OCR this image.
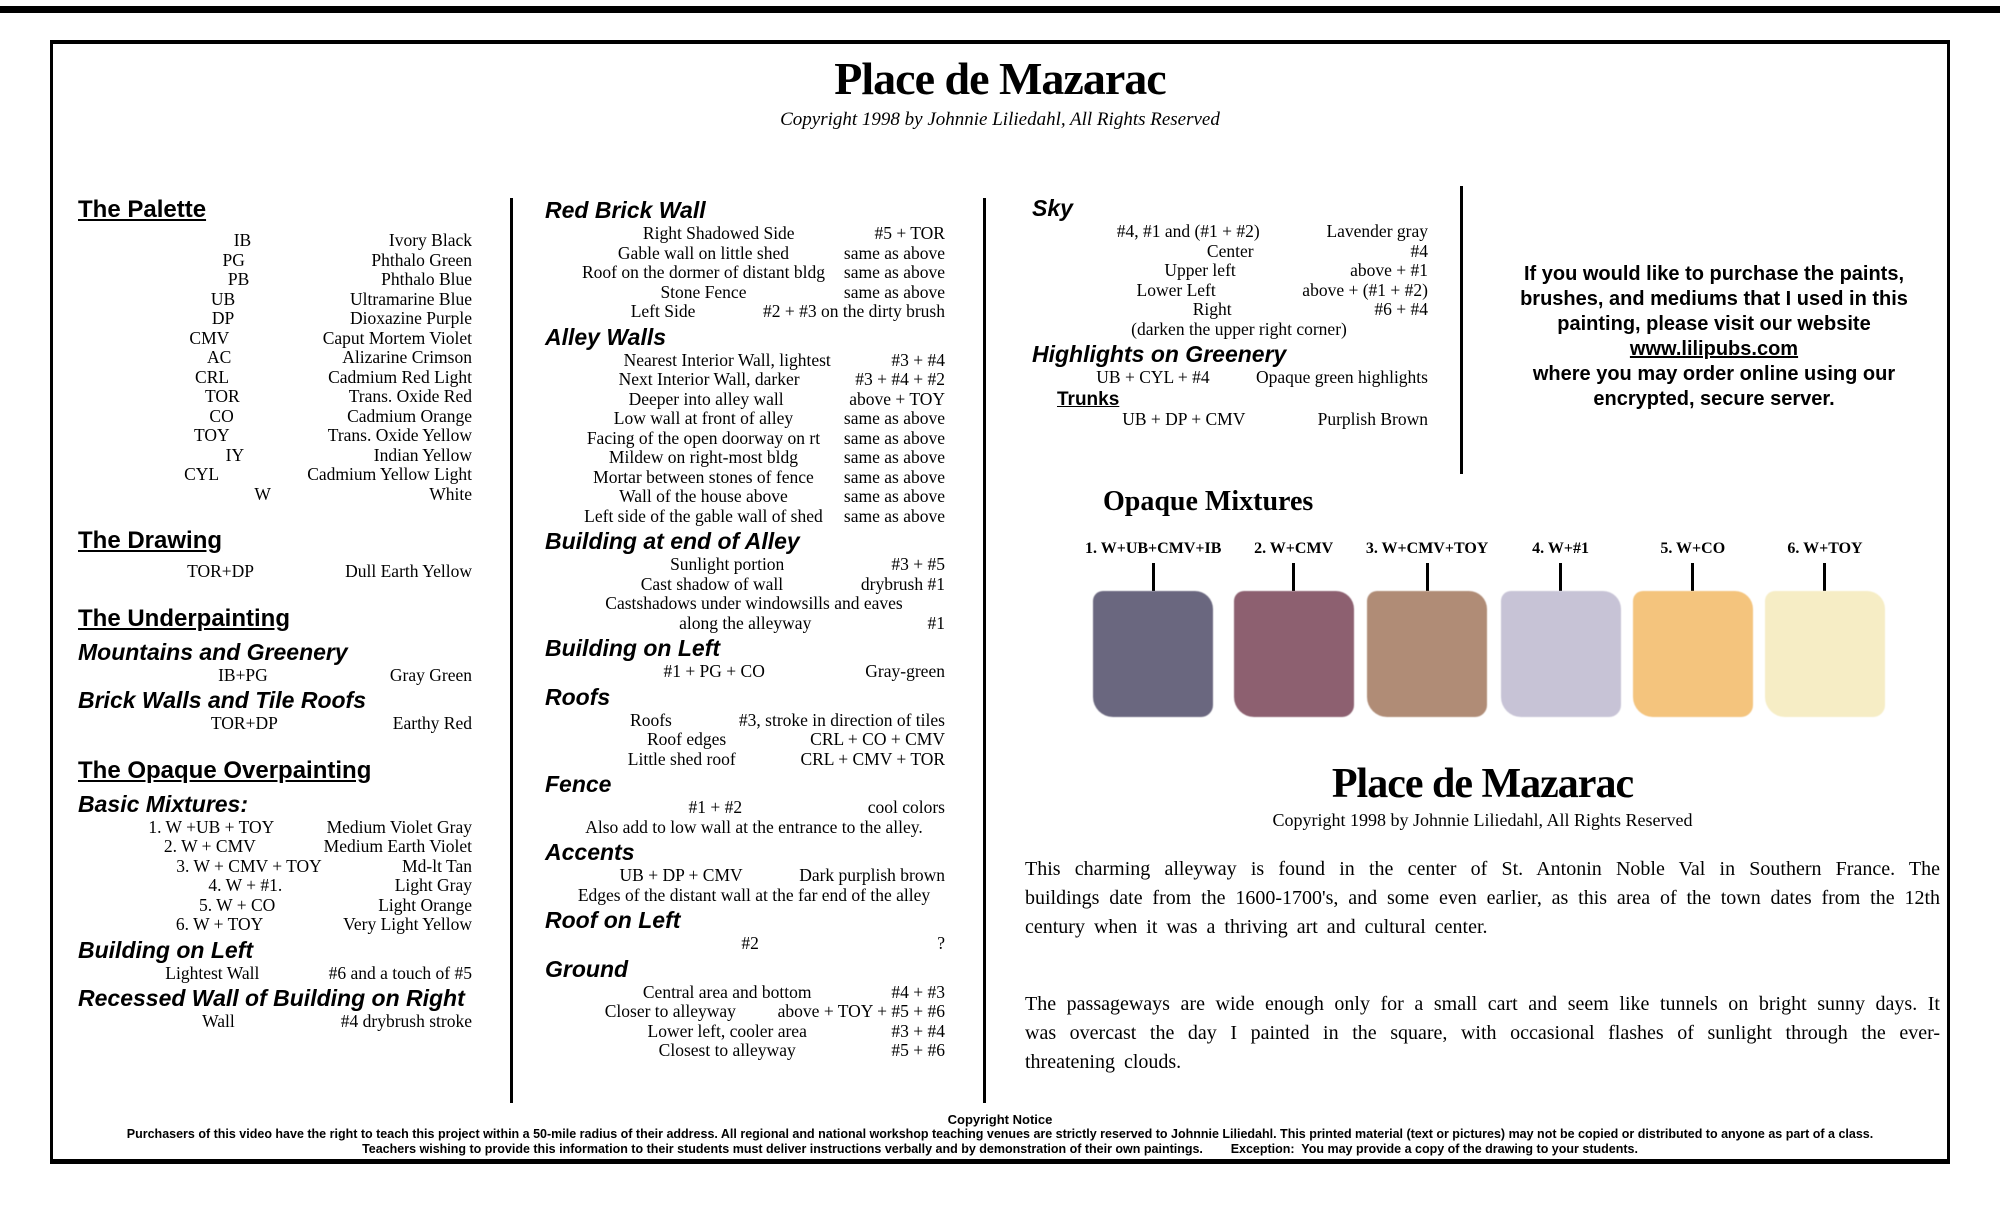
Place de Mazarac
Copyright 1998 by Johnnie Liliedahl, All Rights Reserved
The Palette
IB	Ivory Black
PG	Phthalo Green
PB	Phthalo Blue
UB	Ultramarine Blue
DP	Dioxazine Purple
CMV	Caput Mortem Violet
AC	Alizarine Crimson
CRL	Cadmium Red Light
TOR	Trans. Oxide Red
CO	Cadmium Orange
TOY	Trans. Oxide Yellow
IY	Indian Yellow
CYL	Cadmium Yellow Light
W	White
The Drawing
TOR+DP	Dull Earth Yellow
The Underpainting
Mountains and Greenery
IB+PG	Gray Green
Brick Walls and Tile Roofs
TOR+DP	Earthy Red
The Opaque Overpainting
Basic Mixtures:
1. W +UB + TOY	Medium Violet Gray
2. W + CMV	Medium Earth Violet
3. W + CMV + TOY	Md-lt Tan
4. W + #1.	Light Gray
5. W + CO	Light Orange
6. W + TOY	Very Light Yellow
Building on Left
Lightest Wall	#6 and a touch of #5
Recessed Wall of Building on Right
Wall	#4 drybrush stroke
Red Brick Wall
Right Shadowed Side	#5 + TOR
Gable wall on little shed	same as above
Roof on the dormer of distant bldg	same as above
Stone Fence	same as above
Left Side	#2 + #3 on the dirty brush
Alley Walls
Nearest Interior Wall, lightest	#3 + #4
Next Interior Wall, darker	#3 + #4 + #2
Deeper into alley wall	above + TOY
Low wall at front of alley	same as above
Facing of the open doorway on rt	same as above
Mildew on right-most bldg	same as above
Mortar between stones of fence	same as above
Wall of the house above	same as above
Left side of the gable wall of shed	same as above
Building at end of Alley
Sunlight portion	#3 + #5
Cast shadow of wall	drybrush #1
Castshadows under windowsills and eaves
along the alleyway	#1
Building on Left
#1 + PG + CO	Gray-green
Roofs
Roofs	#3, stroke in direction of tiles
Roof edges	CRL + CO + CMV
Little shed roof	CRL + CMV + TOR
Fence
#1 + #2	cool colors
Also add to low wall at the entrance to the alley.
Accents
UB + DP + CMV	Dark purplish brown
Edges of the distant wall at the far end of the alley
Roof on Left
#2	?
Ground
Central area and bottom	#4 + #3
Closer to alleyway	above + TOY + #5 + #6
Lower left, cooler area	#3 + #4
Closest to alleyway	#5 + #6
Sky
#4, #1 and (#1 + #2)	Lavender gray
Center	#4
Upper left	above + #1
Lower Left	above + (#1 + #2)
Right	#6 + #4
(darken the upper right corner)
Highlights on Greenery
UB + CYL + #4	Opaque green highlights
Trunks
UB + DP + CMV	Purplish Brown
If you would like to purchase the paints,
brushes, and mediums that I used in this
painting, please visit our website
www.lilipubs.com
where you may order online using our
encrypted, secure server.
Opaque Mixtures
1. W+UB+CMV+IB 2. W+CMV 3. W+CMV+TOY	4. W+#1	5. W+CO	6. W+TOY
Place de Mazarac
Copyright 1998 by Johnnie Liliedahl, All Rights Reserved

This charming alleyway is found in the center of St. Antonin Noble Val in Southern France. The buildings date from the 1600-1700's, and some even earlier, as this area of the town dates from the 12th century when it was a thriving art and cultural center.

The passageways are wide enough only for a small cart and seem like tunnels on bright sunny days. It was overcast the day I painted in the square, with occasional flashes of sunlight through the ever-threatening clouds.

Copyright Notice
Purchasers of this video have the right to teach this project within a 50-mile radius of their address. All regional and national workshop teaching venues are strictly reserved to Johnnie Liliedahl. This printed material (text or pictures) may not be copied or distributed to anyone as part of a class.
Teachers wishing to provide this information to their students must deliver instructions verbally and by demonstration of their own paintings.        Exception:  You may provide a copy of the drawing to your students.
